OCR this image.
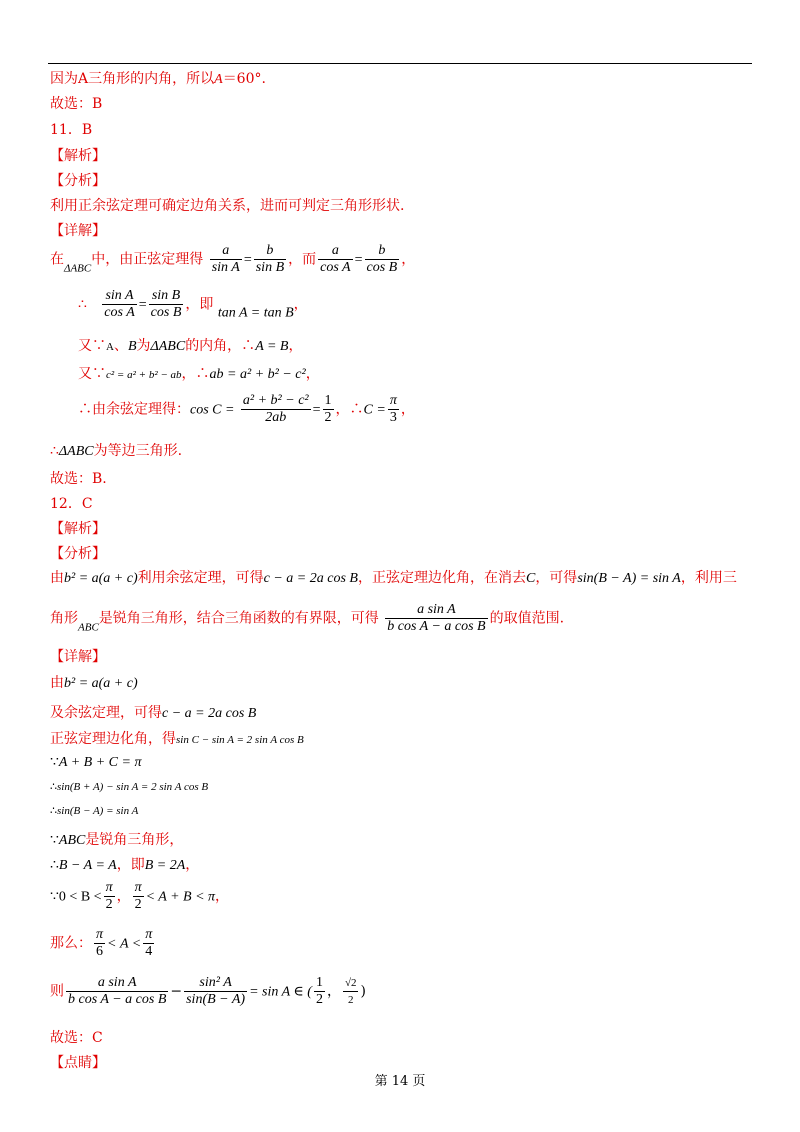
因为A三角形的内角，所以A＝60°.
故选：B
11．B
【解析】
【分析】
利用正余弦定理可确定边角关系，进而可判定三角形形状.
【详解】
在$_{\Delta ABC}$中，由正弦定理得 $\frac{a}{\text{sin A}} = \frac{b}{\text{sin B}}$ ，而 $\frac{a}{\text{cos A}} = \frac{b}{\text{cos B}}$ ，
∴ $\frac{\text{sin A}}{\text{cos A}} = \frac{\text{sin B}}{\text{cos B}}$ ，即 tan A = tan B，
又∵A、B为ΔABC的内角，∴A = B，
又∵c² = a² + b² − ab，∴ab = a² + b² − c²，
∴由余弦定理得：$\cos C = \frac{\text{a² + b² − c²}}{2ab} = \frac{1}{2}$ ，∴C = $\frac{\pi}{3}$ ，
∴ΔABC为等边三角形.
故选：B.
12．C
【解析】
【分析】
由b² = a(a + c)利用余弦定理，可得c − a = 2a cos B，正弦定理边化角，在消去C，可得sin(B − A) = sin A，利用三
角形$_{ABC}$是锐角三角形，结合三角函数的有界限，可得 $\frac{\text{a sin A}}{\text{b cos A − a cos B}}$ 的取值范围.
【详解】
由b² = a(a + c)
及余弦定理，可得c − a = 2a cos B
正弦定理边化角，得sin C − sin A = 2 sin A cos B
∵A + B + C = π
∴sin(B + A) − sin A = 2 sin A cos B
∴sin(B − A) = sin A
∵ABC是锐角三角形，
∴B − A = A，即B = 2A，
∵0 < $B < \frac{\pi}{2}$ ， $\frac{\pi}{2} < A + B < \pi$，
那么： $\frac{\pi}{6} < A < \frac{\pi}{4}$
则 $\frac{\text{a sin A}}{\text{b cos A − a cos B}} - \frac{\text{sin² A}}{\sin(B - A)} = \sin A$ ∈ ( $\frac{1}{2}$ ， $\frac{√2}{2}$ )
故选：C
【点睛】
第 14 页
